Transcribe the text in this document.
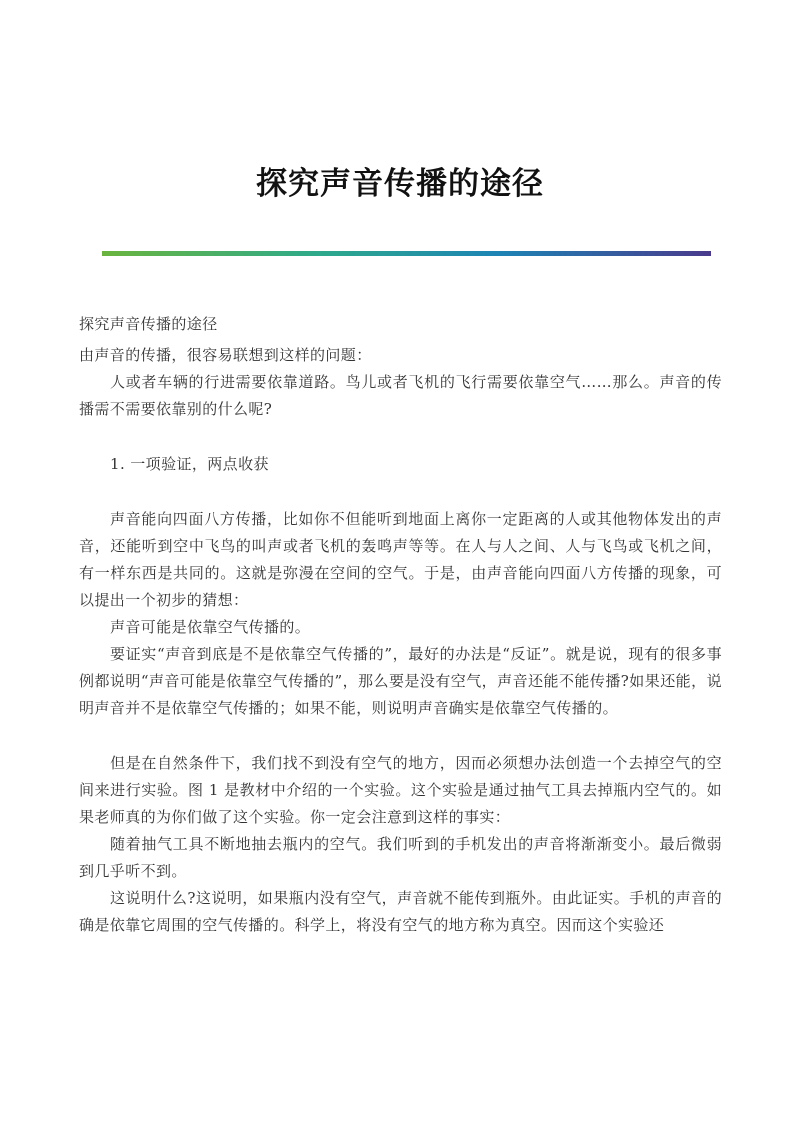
探究声音传播的途径

探究声音传播的途径

由声音的传播，很容易联想到这样的问题：

人或者车辆的行进需要依靠道路。鸟儿或者飞机的飞行需要依靠空气……那么。声音的传播需不需要依靠别的什么呢?

1. 一项验证，两点收获

声音能向四面八方传播，比如你不但能听到地面上离你一定距离的人或其他物体发出的声音，还能听到空中飞鸟的叫声或者飞机的轰鸣声等等。在人与人之间、人与飞鸟或飞机之间，有一样东西是共同的。这就是弥漫在空间的空气。于是，由声音能向四面八方传播的现象，可以提出一个初步的猜想：

声音可能是依靠空气传播的。

要证实“声音到底是不是依靠空气传播的”，最好的办法是“反证”。就是说，现有的很多事例都说明“声音可能是依靠空气传播的”，那么要是没有空气，声音还能不能传播?如果还能，说明声音并不是依靠空气传播的；如果不能，则说明声音确实是依靠空气传播的。

但是在自然条件下，我们找不到没有空气的地方，因而必须想办法创造一个去掉空气的空间来进行实验。图 1 是教材中介绍的一个实验。这个实验是通过抽气工具去掉瓶内空气的。如果老师真的为你们做了这个实验。你一定会注意到这样的事实：

随着抽气工具不断地抽去瓶内的空气。我们听到的手机发出的声音将渐渐变小。最后微弱到几乎听不到。

这说明什么?这说明，如果瓶内没有空气，声音就不能传到瓶外。由此证实。手机的声音的确是依靠它周围的空气传播的。科学上，将没有空气的地方称为真空。因而这个实验还
